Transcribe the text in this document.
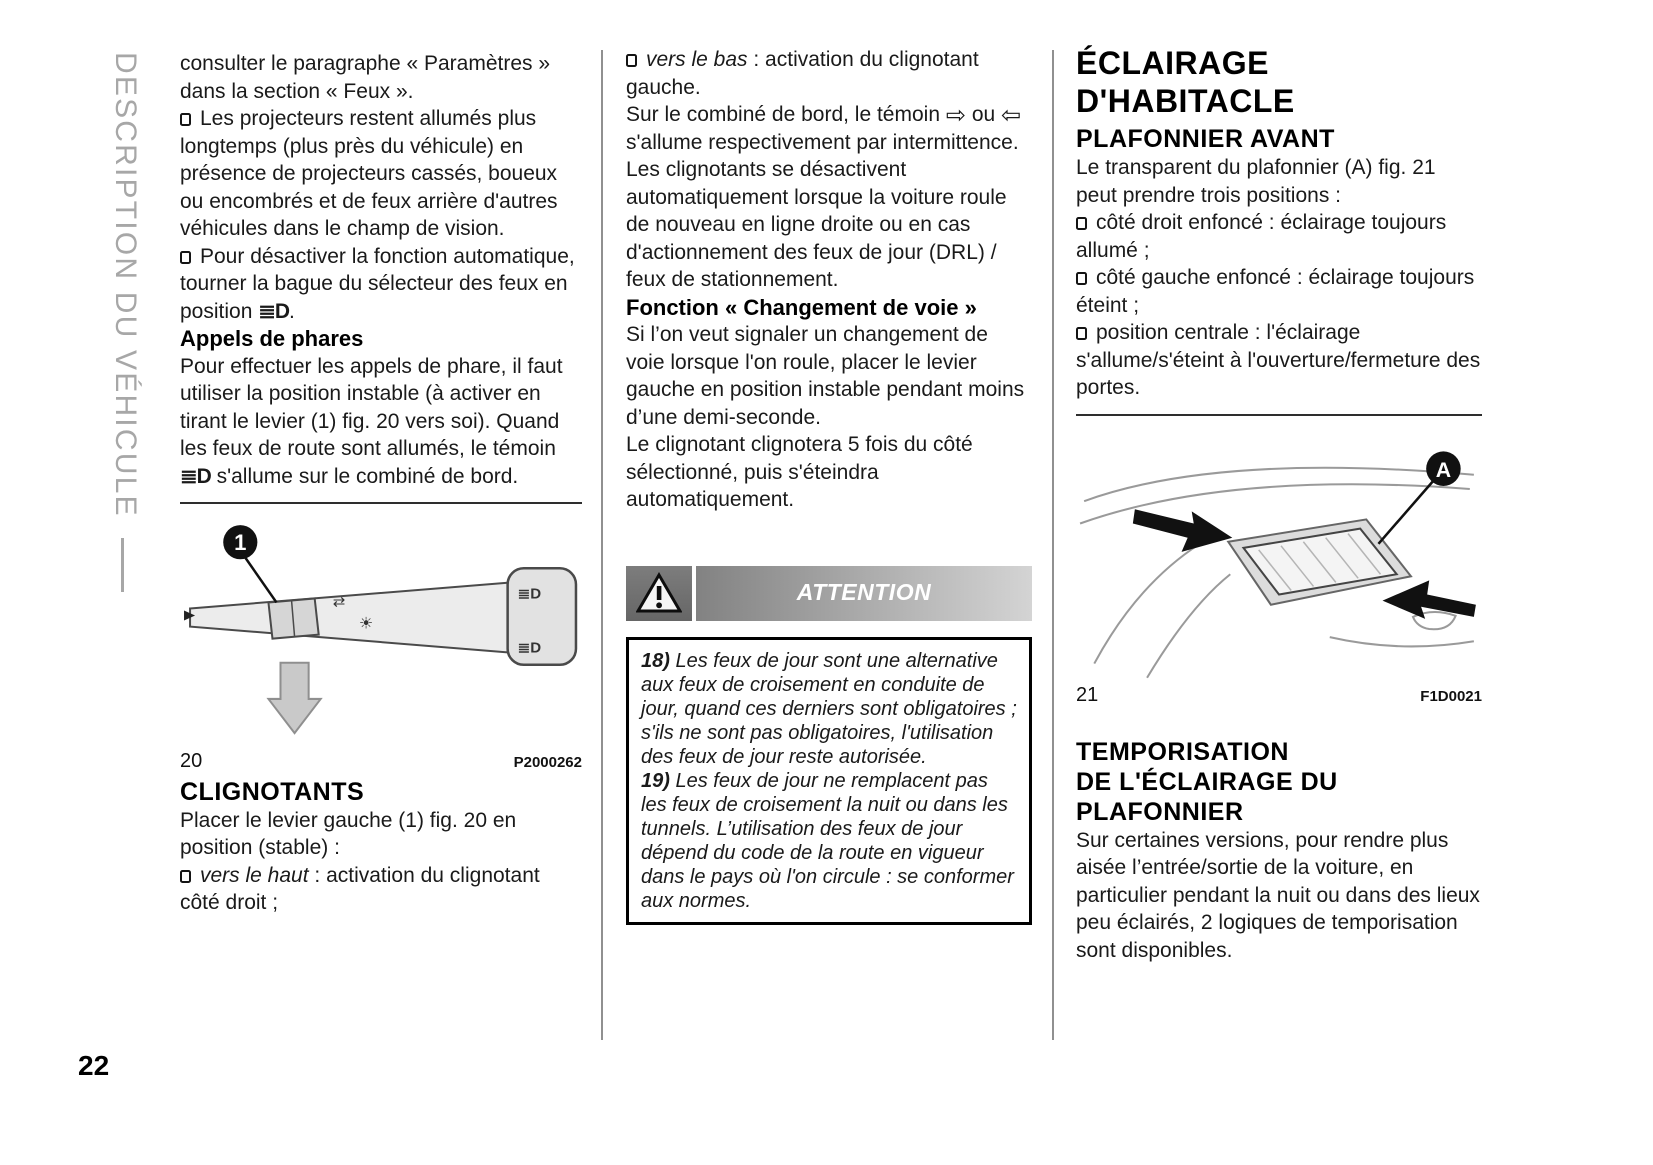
DESCRIPTION DU VÉHICULE consulter le paragraphe « Paramètres » dans la section « Feux ».

Les projecteurs restent allumés plus longtemps (plus près du véhicule) en présence de projecteurs cassés, boueux ou encombrés et de feux arrière d'autres véhicules dans le champ de vision.

Pour désactiver la fonction automatique, tourner la bague du sélecteur des feux en position ≣D.

Appels de phares

Pour effectuer les appels de phare, il faut utiliser la position instable (à activer en tirant le levier (1) fig. 20 vers soi). Quand les feux de route sont allumés, le témoin ≣D s'allume sur le combiné de bord.

⇄
☀
≣D
≣D
1
20	P2000262

CLIGNOTANTS

Placer le levier gauche (1) fig. 20 en position (stable) :

vers le haut : activation du clignotant côté droit ;

vers le bas : activation du clignotant gauche.

Sur le combiné de bord, le témoin ⇨ ou ⇦ s'allume respectivement par intermittence.

Les clignotants se désactivent automatiquement lorsque la voiture roule de nouveau en ligne droite ou en cas d'actionnement des feux de jour (DRL) / feux de stationnement.

Fonction « Changement de voie »

Si l’on veut signaler un changement de voie lorsque l'on roule, placer le levier gauche en position instable pendant moins d’une demi-seconde.

Le clignotant clignotera 5 fois du côté sélectionné, puis s'éteindra automatiquement.

ATTENTION

18) Les feux de jour sont une alternative aux feux de croisement en conduite de jour, quand ces derniers sont obligatoires ; s'ils ne sont pas obligatoires, l'utilisation des feux de jour reste autorisée.

19) Les feux de jour ne remplacent pas les feux de croisement la nuit ou dans les tunnels. L’utilisation des feux de jour dépend du code de la route en vigueur dans le pays où l'on circule : se conformer aux normes.

ÉCLAIRAGE
D'HABITACLE

PLAFONNIER AVANT

Le transparent du plafonnier (A) fig. 21 peut prendre trois positions :

côté droit enfoncé : éclairage toujours allumé ;

côté gauche enfoncé : éclairage toujours éteint ;

position centrale : l'éclairage s'allume/s'éteint à l'ouverture/fermeture des portes.

A
21	F1D0021

TEMPORISATION
DE L'ÉCLAIRAGE DU
PLAFONNIER

Sur certaines versions, pour rendre plus aisée l’entrée/sortie de la voiture, en particulier pendant la nuit ou dans des lieux peu éclairés, 2 logiques de temporisation sont disponibles.

22
